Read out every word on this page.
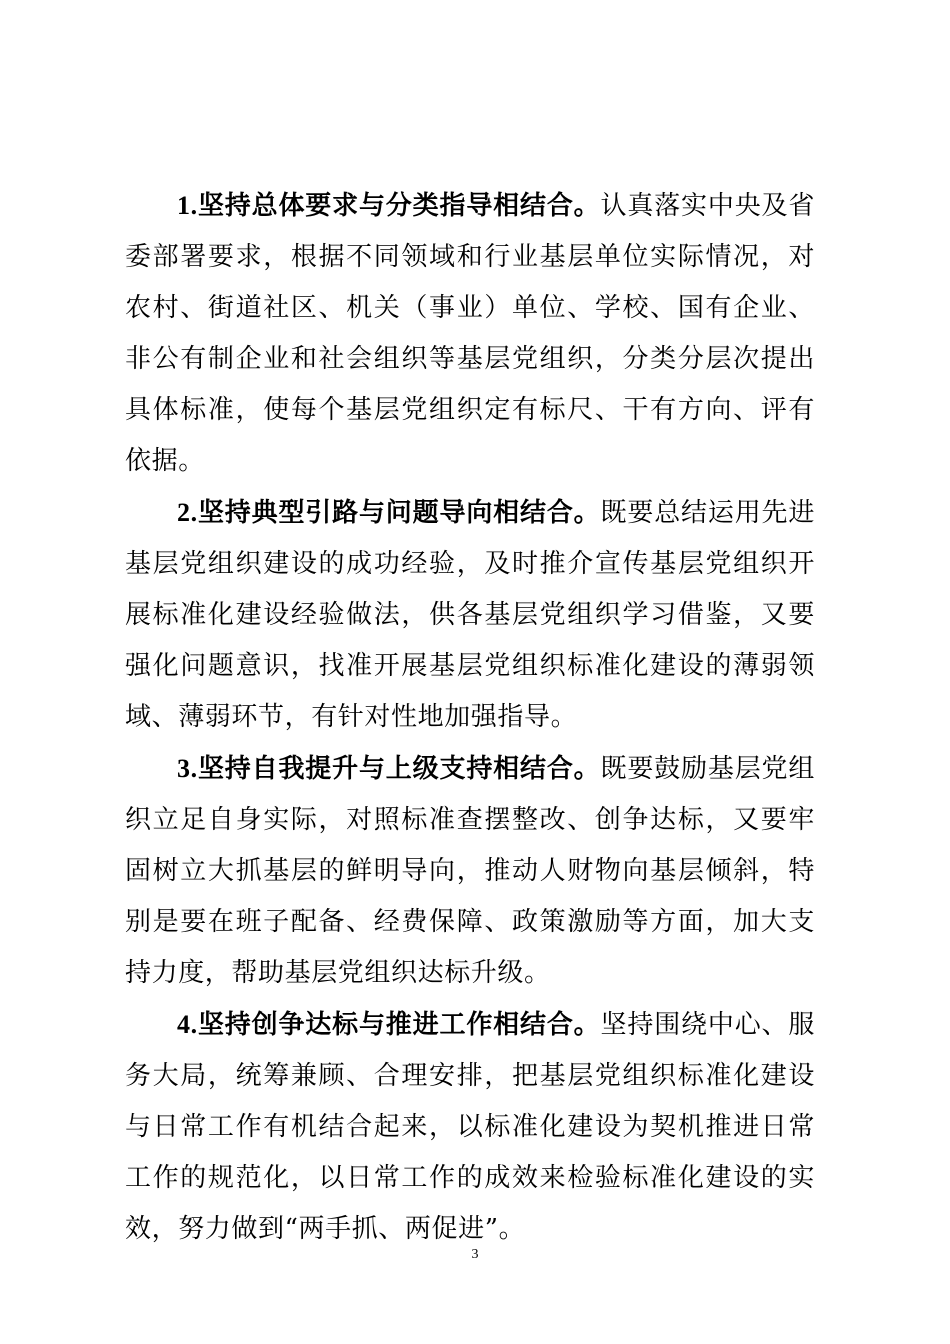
1.坚持总体要求与分类指导相结合。认真落实中央及省委部署要求，根据不同领域和行业基层单位实际情况，对农村、街道社区、机关（事业）单位、学校、国有企业、非公有制企业和社会组织等基层党组织，分类分层次提出具体标准，使每个基层党组织定有标尺、干有方向、评有依据。

2.坚持典型引路与问题导向相结合。既要总结运用先进基层党组织建设的成功经验，及时推介宣传基层党组织开展标准化建设经验做法，供各基层党组织学习借鉴，又要强化问题意识，找准开展基层党组织标准化建设的薄弱领域、薄弱环节，有针对性地加强指导。

3.坚持自我提升与上级支持相结合。既要鼓励基层党组织立足自身实际，对照标准查摆整改、创争达标，又要牢固树立大抓基层的鲜明导向，推动人财物向基层倾斜，特别是要在班子配备、经费保障、政策激励等方面，加大支持力度，帮助基层党组织达标升级。

4.坚持创争达标与推进工作相结合。坚持围绕中心、服务大局，统筹兼顾、合理安排，把基层党组织标准化建设与日常工作有机结合起来，以标准化建设为契机推进日常工作的规范化，以日常工作的成效来检验标准化建设的实效，努力做到“两手抓、两促进”。

3
